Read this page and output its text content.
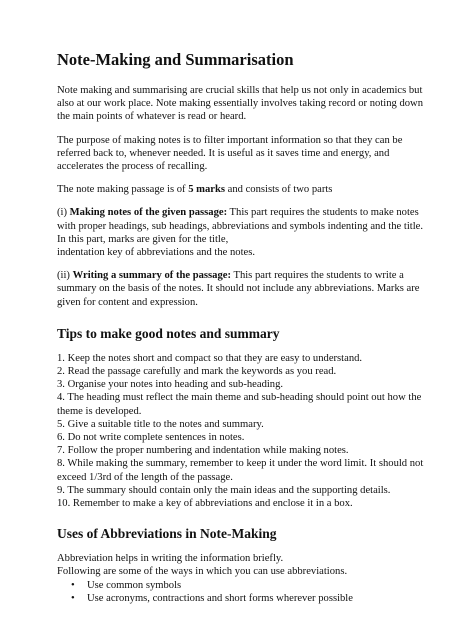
Note-Making and Summarisation

Note making and summarising are crucial skills that help us not only in academics but also at our work place. Note making essentially involves taking record or noting down the main points of whatever is read or heard.

The purpose of making notes is to filter important information so that they can be referred back to, whenever needed. It is useful as it saves time and energy, and accelerates the process of recalling.

The note making passage is of 5 marks and consists of two parts

(i) Making notes of the given passage: This part requires the students to make notes with proper headings, sub headings, abbreviations and symbols indenting and the title. In this part, marks are given for the title,
indentation key of abbreviations and the notes.

(ii) Writing a summary of the passage: This part requires the students to write a summary on the basis of the notes. It should not include any abbreviations. Marks are given for content and expression.

Tips to make good notes and summary
1. Keep the notes short and compact so that they are easy to understand.
2. Read the passage carefully and mark the keywords as you read.
3. Organise your notes into heading and sub-heading.
4. The heading must reflect the main theme and sub-heading should point out how the theme is developed.
5. Give a suitable title to the notes and summary.
6. Do not write complete sentences in notes.
7. Follow the proper numbering and indentation while making notes.
8. While making the summary, remember to keep it under the word limit. It should not exceed 1/3rd of the length of the passage.
9. The summary should contain only the main ideas and the supporting details.
10. Remember to make a key of abbreviations and enclose it in a box.
Uses of Abbreviations in Note-Making

Abbreviation helps in writing the information briefly.

Following are some of the ways in which you can use abbreviations.

• Use common symbols
• Use acronyms, contractions and short forms wherever possible
